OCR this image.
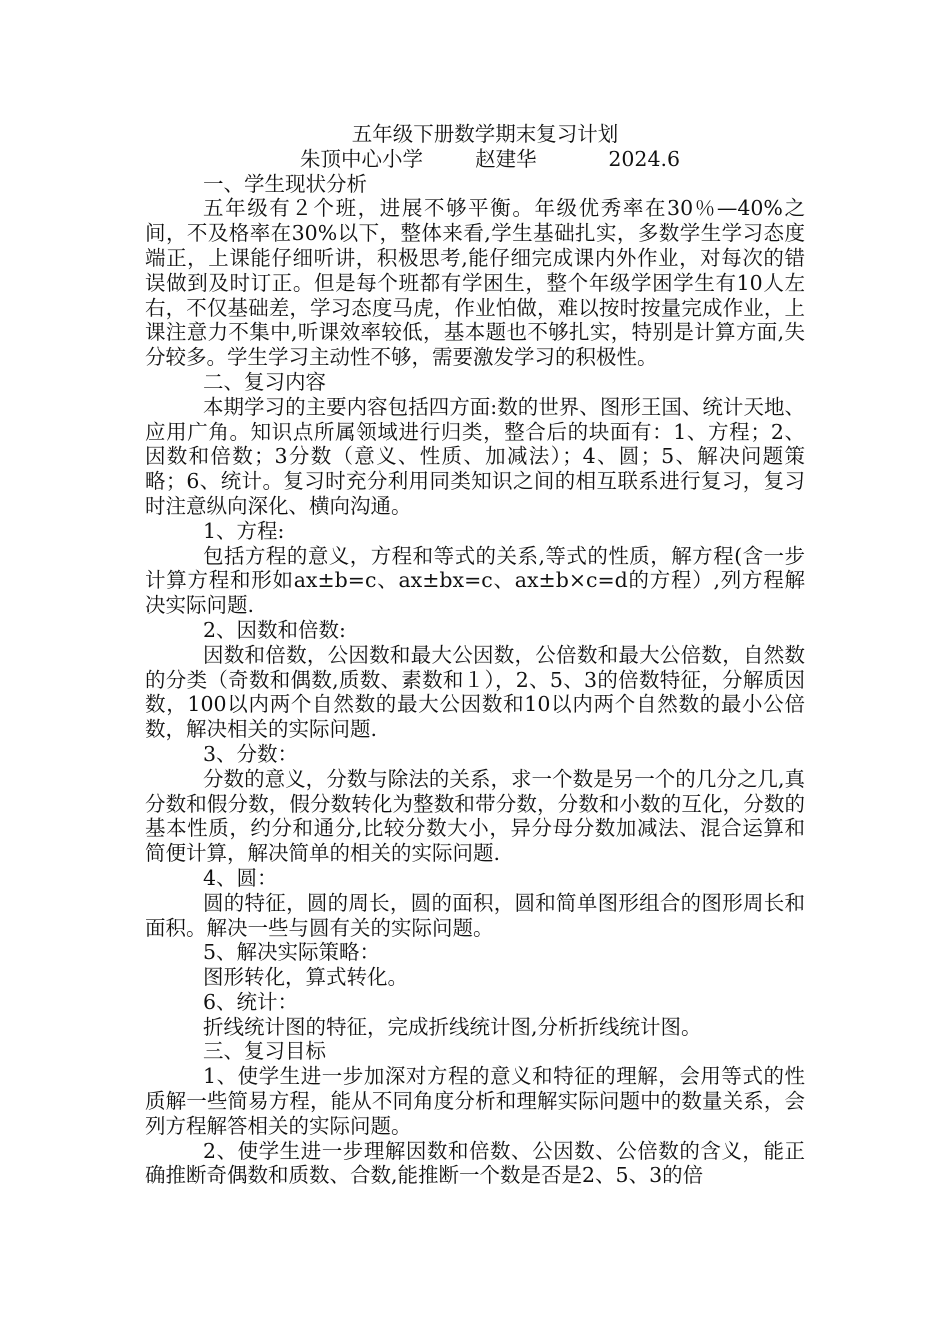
五年级下册数学期末复习计划

朱顶中心小学	赵建华	2024.6

一、学生现状分析

五年级有２个班，进展不够平衡。年级优秀率在30％—40%之间，不及格率在30%以下，整体来看,学生基础扎实，多数学生学习态度端正，上课能仔细听讲，积极思考,能仔细完成课内外作业，对每次的错误做到及时订正。但是每个班都有学困生，整个年级学困学生有10人左右，不仅基础差，学习态度马虎，作业怕做，难以按时按量完成作业，上课注意力不集中,听课效率较低，基本题也不够扎实，特别是计算方面,失分较多。学生学习主动性不够，需要激发学习的积极性。

二、复习内容

本期学习的主要内容包括四方面:数的世界、图形王国、统计天地、应用广角。知识点所属领域进行归类，整合后的块面有：1、方程；2、因数和倍数；3分数（意义、性质、加减法）；4、圆；5、解决问题策略；6、统计。复习时充分利用同类知识之间的相互联系进行复习，复习时注意纵向深化、横向沟通。

1、方程:

包括方程的意义，方程和等式的关系,等式的性质，解方程(含一步计算方程和形如ax±b=c、ax±bx=c、ax±b×c=d的方程）,列方程解决实际问题.

2、因数和倍数:

因数和倍数，公因数和最大公因数，公倍数和最大公倍数，自然数的分类（奇数和偶数,质数、素数和１），2、5、3的倍数特征，分解质因数，100以内两个自然数的最大公因数和10以内两个自然数的最小公倍数，解决相关的实际问题.

3、分数：

分数的意义，分数与除法的关系，求一个数是另一个的几分之几,真分数和假分数，假分数转化为整数和带分数，分数和小数的互化，分数的基本性质，约分和通分,比较分数大小，异分母分数加减法、混合运算和简便计算，解决简单的相关的实际问题.

4、圆：

圆的特征，圆的周长，圆的面积，圆和简单图形组合的图形周长和面积。解决一些与圆有关的实际问题。

5、解决实际策略：

图形转化，算式转化。

6、统计：

折线统计图的特征，完成折线统计图,分析折线统计图。

三、复习目标

1、使学生进一步加深对方程的意义和特征的理解，会用等式的性质解一些简易方程，能从不同角度分析和理解实际问题中的数量关系，会列方程解答相关的实际问题。

2、使学生进一步理解因数和倍数、公因数、公倍数的含义，能正确推断奇偶数和质数、合数,能推断一个数是否是2、5、3的倍
